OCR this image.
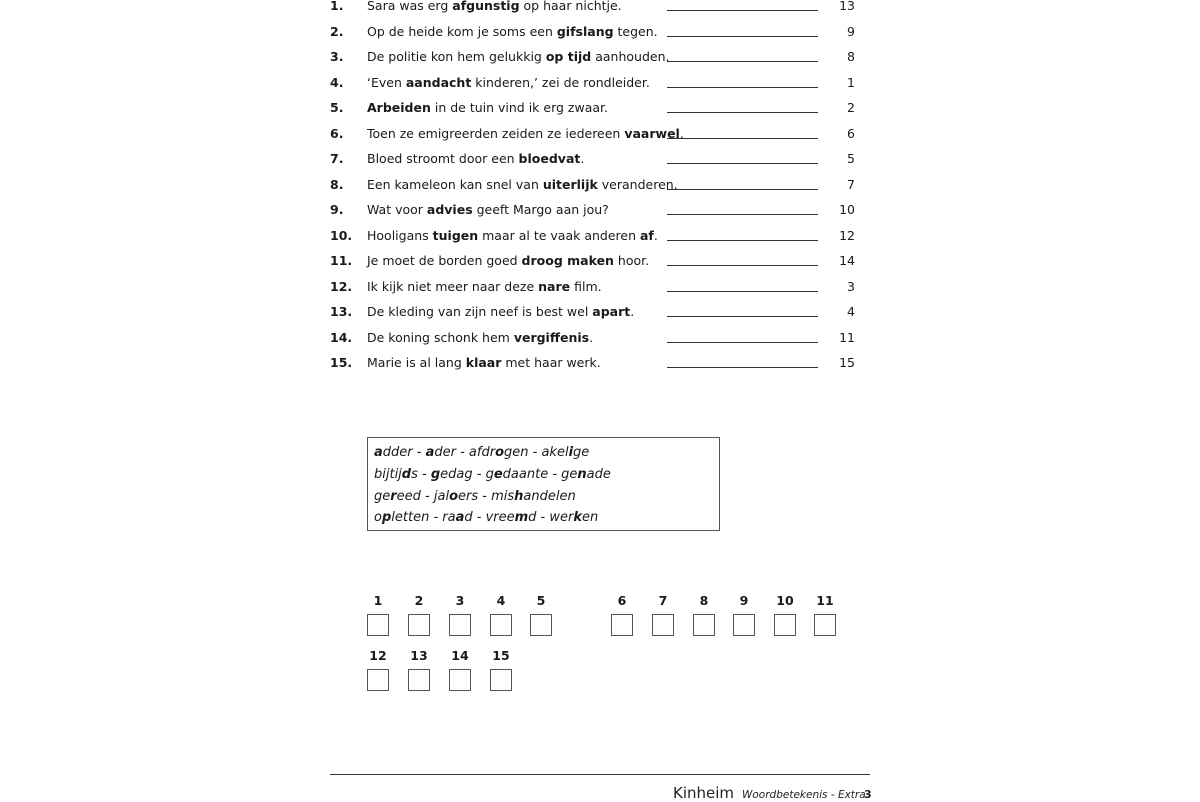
1. Sara was erg afgunstig op haar nichtje.	13
2. Op de heide kom je soms een gifslang tegen.	9
3. De politie kon hem gelukkig op tijd aanhouden.	8
4. ‘Even aandacht kinderen,’ zei de rondleider.	1
5. Arbeiden in de tuin vind ik erg zwaar.	2
6. Toen ze emigreerden zeiden ze iedereen vaarwel.	6
7. Bloed stroomt door een bloedvat.	5
8. Een kameleon kan snel van uiterlijk veranderen.	7
9. Wat voor advies geeft Margo aan jou?	10
10. Hooligans tuigen maar al te vaak anderen af.	12
11. Je moet de borden goed droog maken hoor.	14
12. Ik kijk niet meer naar deze nare film.	3
13. De kleding van zijn neef is best wel apart.	4
14. De koning schonk hem vergiffenis.	11
15. Marie is al lang klaar met haar werk.	15
adder - ader - afdrogen - akelige
bijtijds - gedag - gedaante - genade
gereed - jaloers - mishandelen
opletten - raad - vreemd - werken
1	2	3	4	5	6	7	8	9	10 11
12 13 14 15
Kinheim Woordbetekenis - Extra
3
